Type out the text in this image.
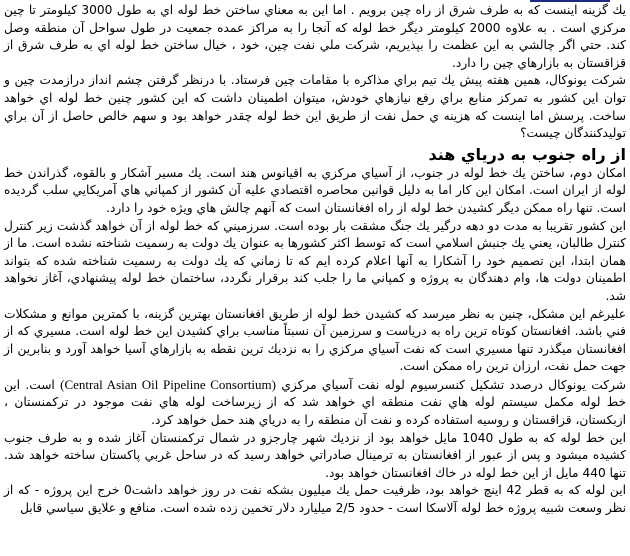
يك گزينه اينست كه به طرف شرق از راه چين برويم . اما اين به معناي ساختن خط لوله اي به طول 3000 كيلومتر تا چين مركزي است . به علاوه 2000 كيلومتر ديگر خط لوله كه آنجا را به مراكز عمده جمعيت در طول سواحل آن منطقه وصل كند. حتي اگر چالشي به اين عظمت را بپذيريم، شركت ملي نفت چين، خود ، خيال ساختن خط لوله اي به طرف شرق از قزاقستان به بازارهاي چين را دارد.

شركت يونوكال، همين هفته پيش يك تيم براي مذاكره با مقامات چين فرستاد. با درنظر گرفتن چشم انداز درازمدت چين و توان اين كشور به تمركز منابع براي رفع نيازهاي خودش، ميتوان اطمينان داشت كه اين كشور چنين خط لوله اي خواهد ساخت. پرسش اما اينست كه هزينه ي حمل نفت از طريق اين خط لوله چقدر خواهد بود و سهم خالص حاصل از آن براي توليدكنندگان چيست؟

از راه جنوب به درياي هند

امكان دوم، ساختن يك خط لوله در جنوب، از آسياي مركزي به اقيانوس هند است. يك مسير آشكار و بالقوه، گذراندن خط لوله از ايران است. امكان اين كار اما به دليل قوانين محاصره اقتصادي عليه آن كشور از كمپاني هاي آمريكايي سلب گرديده است. تنها راه ممكن ديگر كشيدن خط لوله از راه افغانستان است كه آنهم چالش هاي ويژه خود را دارد.

اين كشور تقريبا به مدت دو دهه درگير يك جنگ مشقت بار بوده است. سرزميني كه خط لوله از آن خواهد گذشت زير كنترل كنترل طالبان، يعني يك جنبش اسلامي است كه توسط اكثر كشورها به عنوان يك دولت به رسميت شناخته نشده است. ما از همان ابتدا، اين تصميم خود را آشكارا به آنها اعلام كرده ايم كه تا زماني كه يك دولت به رسميت شناخته شده كه بتواند اطمينان دولت ها، وام دهندگان به پروژه و كمپاني ما را جلب كند برقرار نگردد، ساختمان خط لوله پيشنهادي، آغاز نخواهد شد.

عليرغم اين مشكل، چنين به نظر ميرسد كه كشيدن خط لوله از طريق افغانستان بهترين گزينه، با كمترين موانع و مشكلات فني باشد. افغانستان كوتاه ترين راه به درياست و سرزمين آن نسبتاً مناسب براي كشيدن اين خط لوله است. مسيري كه از افغانستان ميگذرد تنها مسيري است كه نفت آسياي مركزي را به نزديك ترين نقطه به بازارهاي آسيا خواهد آورد و بنابرين از جهت حمل نفت، ارزان ترين راه ممكن است.

شركت يونوكال درصدد تشكيل كنسرسيوم لوله نفت آسياي مركزي (Central Asian Oil Pipeline Consortium) است. اين خط لوله مكمل سيستم لوله هاي نفت منطقه اي خواهد شد كه از زيرساخت لوله هاي نفت موجود در تركمنستان ، ازبكستان، قزاقستان و روسيه استفاده كرده و نفت آن منطقه را به درياي هند حمل خواهد كرد.

اين خط لوله كه به طول 1040 مايل خواهد بود از نزديك شهر چارجزو در شمال تركمنستان آغاز شده و به طرف جنوب كشيده ميشود و پس از عبور از افغانستان به ترمينال صادراتي خواهد رسيد كه در ساحل غربي پاكستان ساخته خواهد شد. تنها 440 مايل از اين خط لوله در خاك افغانستان خواهد بود.

اين لوله كه به قطر 42 اينچ خواهد بود، ظرفيت حمل يك ميليون بشكه نفت در روز خواهد داشت0 خرج اين پروژه - كه از نظر وسعت شبيه پروژه خط لوله آلاسكا است - حدود 2/5 ميليارد دلار تخمين زده شده است. منافع و علايق سياسي قابل
